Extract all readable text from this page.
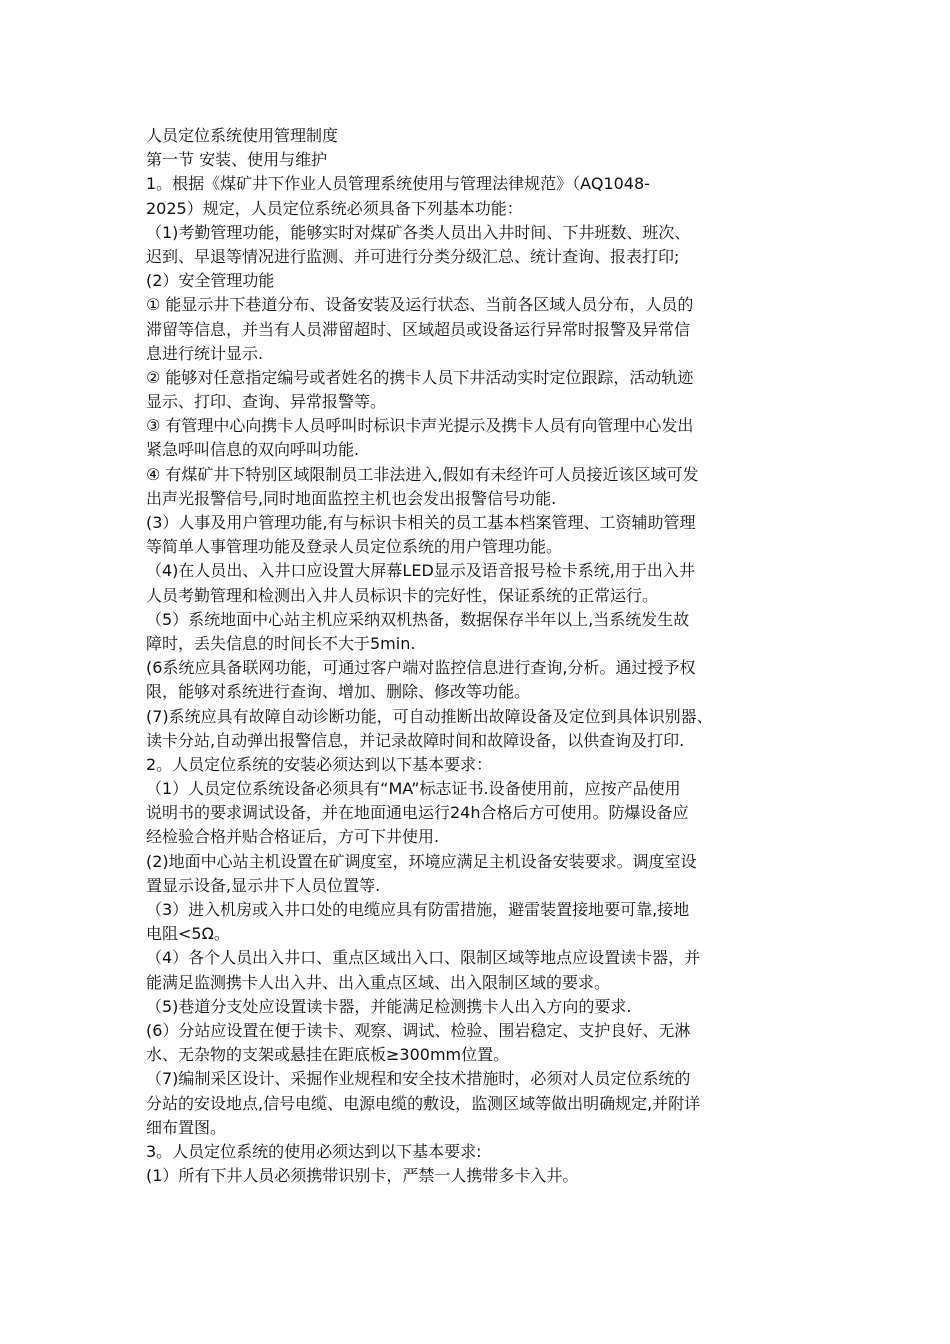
人员定位系统使用管理制度
第一节 安装、使用与维护
1。根据《煤矿井下作业人员管理系统使用与管理法律规范》（AQ1048-
2025）规定，人员定位系统必须具备下列基本功能：
（1)考勤管理功能，能够实时对煤矿各类人员出入井时间、下井班数、班次、
迟到、早退等情况进行监测、并可进行分类分级汇总、统计查询、报表打印;
(2）安全管理功能
① 能显示井下巷道分布、设备安装及运行状态、当前各区域人员分布，人员的
滞留等信息，并当有人员滞留超时、区域超员或设备运行异常时报警及异常信
息进行统计显示.
② 能够对任意指定编号或者姓名的携卡人员下井活动实时定位跟踪，活动轨迹
显示、打印、查询、异常报警等。
③ 有管理中心向携卡人员呼叫时标识卡声光提示及携卡人员有向管理中心发出
紧急呼叫信息的双向呼叫功能.
④ 有煤矿井下特别区域限制员工非法进入,假如有未经许可人员接近该区域可发
出声光报警信号,同时地面监控主机也会发出报警信号功能.
(3）人事及用户管理功能,有与标识卡相关的员工基本档案管理、工资辅助管理
等简单人事管理功能及登录人员定位系统的用户管理功能。
（4)在人员出、入井口应设置大屏幕LED显示及语音报号检卡系统,用于出入井
人员考勤管理和检测出入井人员标识卡的完好性，保证系统的正常运行。
（5）系统地面中心站主机应采纳双机热备，数据保存半年以上,当系统发生故
障时，丢失信息的时间长不大于5min.
(6系统应具备联网功能，可通过客户端对监控信息进行查询,分析。通过授予权
限，能够对系统进行查询、增加、删除、修改等功能。
(7)系统应具有故障自动诊断功能，可自动推断出故障设备及定位到具体识别器、
读卡分站,自动弹出报警信息，并记录故障时间和故障设备，以供查询及打印.
2。人员定位系统的安装必须达到以下基本要求：
（1）人员定位系统设备必须具有“MA”标志证书.设备使用前，应按产品使用
说明书的要求调试设备，并在地面通电运行24h合格后方可使用。防爆设备应
经检验合格并贴合格证后，方可下井使用.
(2)地面中心站主机设置在矿调度室，环境应满足主机设备安装要求。调度室设
置显示设备,显示井下人员位置等.
（3）进入机房或入井口处的电缆应具有防雷措施，避雷装置接地要可靠,接地
电阻<5Ω。
（4）各个人员出入井口、重点区域出入口、限制区域等地点应设置读卡器，并
能满足监测携卡人出入井、出入重点区域、出入限制区域的要求。
（5)巷道分支处应设置读卡器，并能满足检测携卡人出入方向的要求.
(6）分站应设置在便于读卡、观察、调试、检验、围岩稳定、支护良好、无淋
水、无杂物的支架或悬挂在距底板≥300mm位置。
（7)编制采区设计、采掘作业规程和安全技术措施时，必须对人员定位系统的
分站的安设地点,信号电缆、电源电缆的敷设，监测区域等做出明确规定,并附详
细布置图。
3。人员定位系统的使用必须达到以下基本要求:
(1）所有下井人员必须携带识别卡，严禁一人携带多卡入井。
